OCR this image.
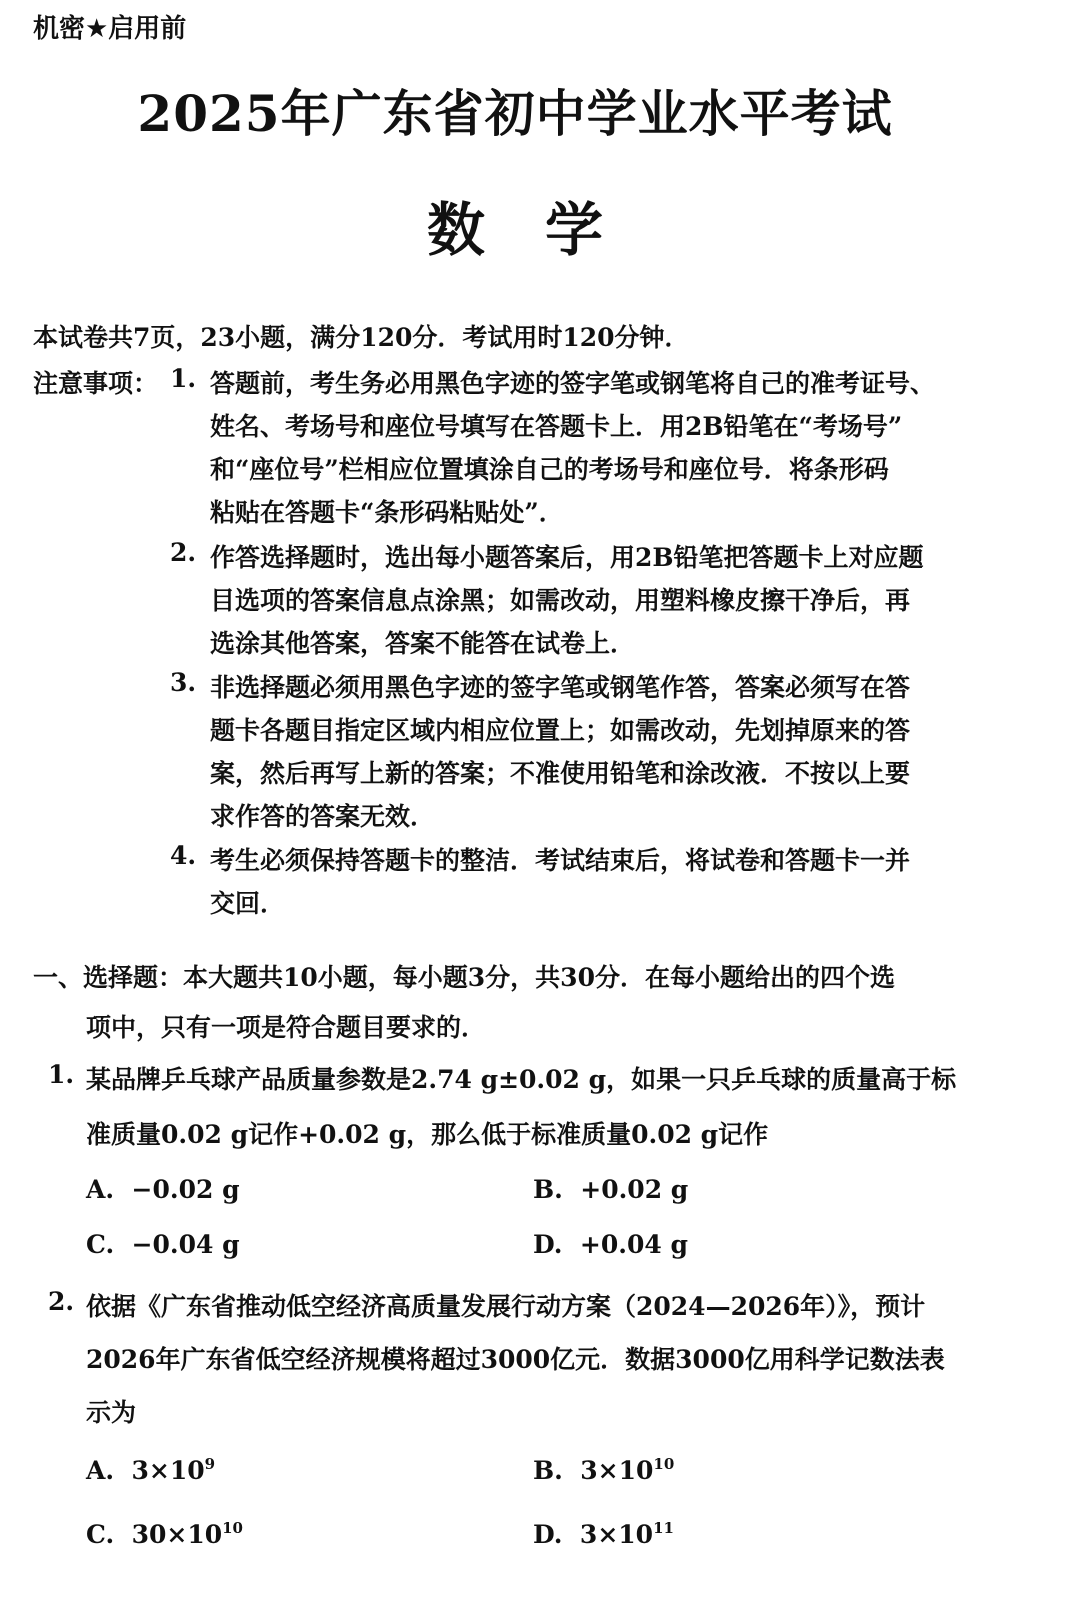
机密★启用前
2025年广东省初中学业水平考试
数学
本试卷共7页，23小题，满分120分．考试用时120分钟．
注意事项： 1. 答题前，考生务必用黑色字迹的签字笔或钢笔将自己的准考证号、
姓名、考场号和座位号填写在答题卡上．用2B铅笔在“考场号”
和“座位号”栏相应位置填涂自己的考场号和座位号．将条形码
粘贴在答题卡“条形码粘贴处”．
2. 作答选择题时，选出每小题答案后，用2B铅笔把答题卡上对应题
目选项的答案信息点涂黑；如需改动，用塑料橡皮擦干净后，再
选涂其他答案，答案不能答在试卷上．
3. 非选择题必须用黑色字迹的签字笔或钢笔作答，答案必须写在答
题卡各题目指定区域内相应位置上；如需改动，先划掉原来的答
案，然后再写上新的答案；不准使用铅笔和涂改液．不按以上要
求作答的答案无效．
4. 考生必须保持答题卡的整洁．考试结束后，将试卷和答题卡一并
交回．
一、选择题：本大题共10小题，每小题3分，共30分．在每小题给出的四个选
项中，只有一项是符合题目要求的．
1. 某品牌乒乓球产品质量参数是2.74 g±0.02 g，如果一只乒乓球的质量高于标
准质量0.02 g记作+0.02 g，那么低于标准质量0.02 g记作
A. −0.02 g	B. +0.02 g
C. −0.04 g	D. +0.04 g
2. 依据《广东省推动低空经济高质量发展行动方案（2024—2026年）》，预计
2026年广东省低空经济规模将超过3000亿元．数据3000亿用科学记数法表
示为
A. $3\times 10^9$	B. $3\times 10^{10}$
C. $30\times 10^{10}$	D. $3\times 10^{11}$
